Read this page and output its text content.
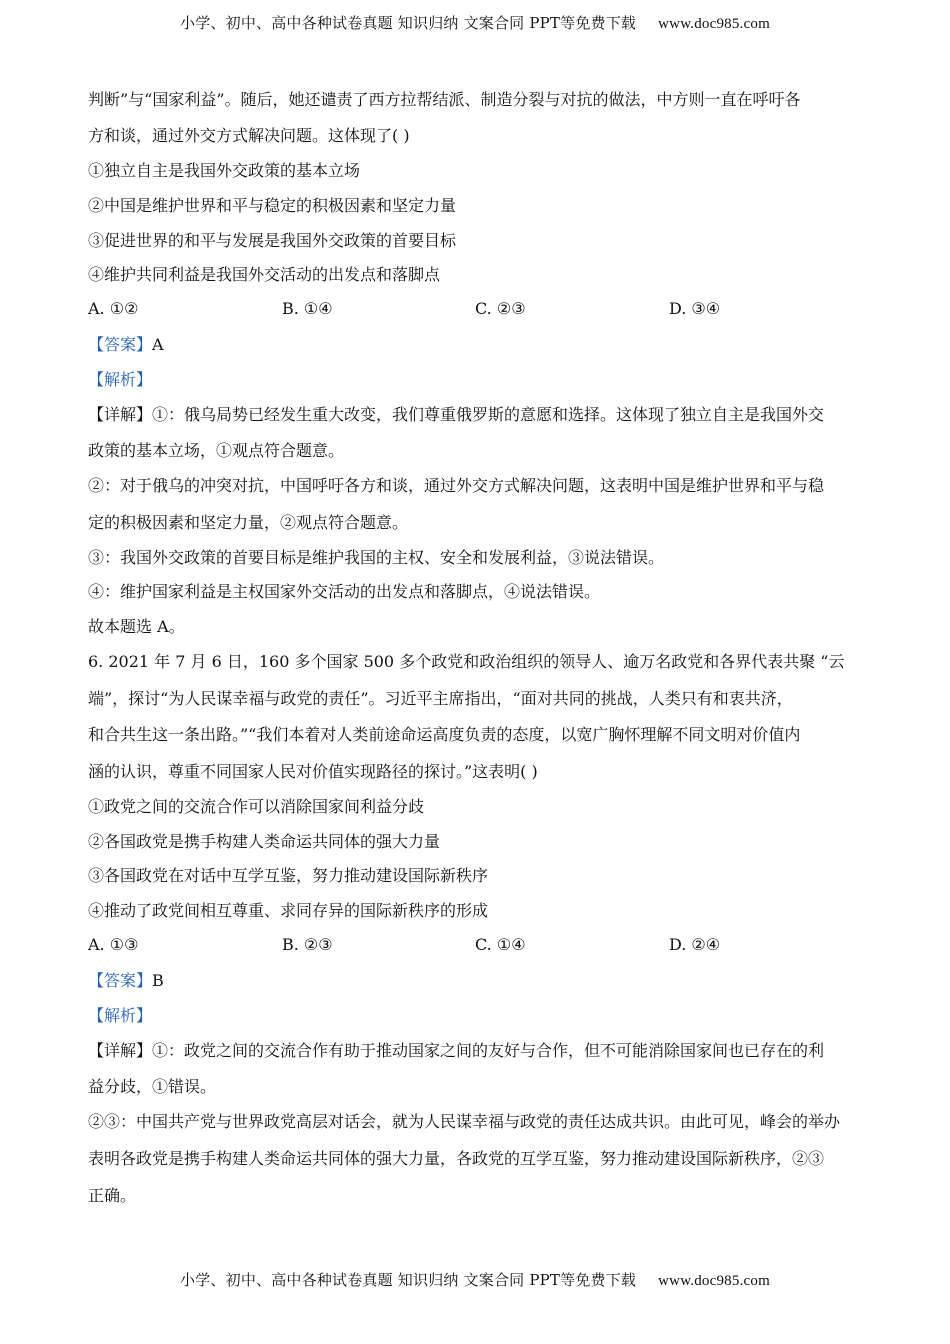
小学、初中、高中各种试卷真题 知识归纳 文案合同 PPT等免费下载 www.doc985.com
判断”与“国家利益”。随后，她还谴责了西方拉帮结派、制造分裂与对抗的做法，中方则一直在呼吁各
方和谈，通过外交方式解决问题。这体现了( )
①独立自主是我国外交政策的基本立场
②中国是维护世界和平与稳定的积极因素和坚定力量
③促进世界的和平与发展是我国外交政策的首要目标
④维护共同利益是我国外交活动的出发点和落脚点
A. ①②	B. ①④	C. ②③	D. ③④
【答案】A
【解析】
【详解】①：俄乌局势已经发生重大改变，我们尊重俄罗斯的意愿和选择。这体现了独立自主是我国外交
政策的基本立场，①观点符合题意。
②：对于俄乌的冲突对抗，中国呼吁各方和谈，通过外交方式解决问题，这表明中国是维护世界和平与稳
定的积极因素和坚定力量，②观点符合题意。
③：我国外交政策的首要目标是维护我国的主权、安全和发展利益，③说法错误。
④：维护国家利益是主权国家外交活动的出发点和落脚点，④说法错误。
故本题选 A。
6. 2021 年 7 月 6 日，160 多个国家 500 多个政党和政治组织的领导人、逾万名政党和各界代表共聚 “云
端”，探讨“为人民谋幸福与政党的责任”。习近平主席指出，“面对共同的挑战，人类只有和衷共济，
和合共生这一条出路。”“我们本着对人类前途命运高度负责的态度，以宽广胸怀理解不同文明对价值内
涵的认识，尊重不同国家人民对价值实现路径的探讨。”这表明( )
①政党之间的交流合作可以消除国家间利益分歧
②各国政党是携手构建人类命运共同体的强大力量
③各国政党在对话中互学互鉴，努力推动建设国际新秩序
④推动了政党间相互尊重、求同存异的国际新秩序的形成
A. ①③	B. ②③	C. ①④	D. ②④
【答案】B
【解析】
【详解】①：政党之间的交流合作有助于推动国家之间的友好与合作，但不可能消除国家间也已存在的利
益分歧，①错误。
②③：中国共产党与世界政党高层对话会，就为人民谋幸福与政党的责任达成共识。由此可见，峰会的举办
表明各政党是携手构建人类命运共同体的强大力量，各政党的互学互鉴，努力推动建设国际新秩序，②③
正确。
小学、初中、高中各种试卷真题 知识归纳 文案合同 PPT等免费下载 www.doc985.com
